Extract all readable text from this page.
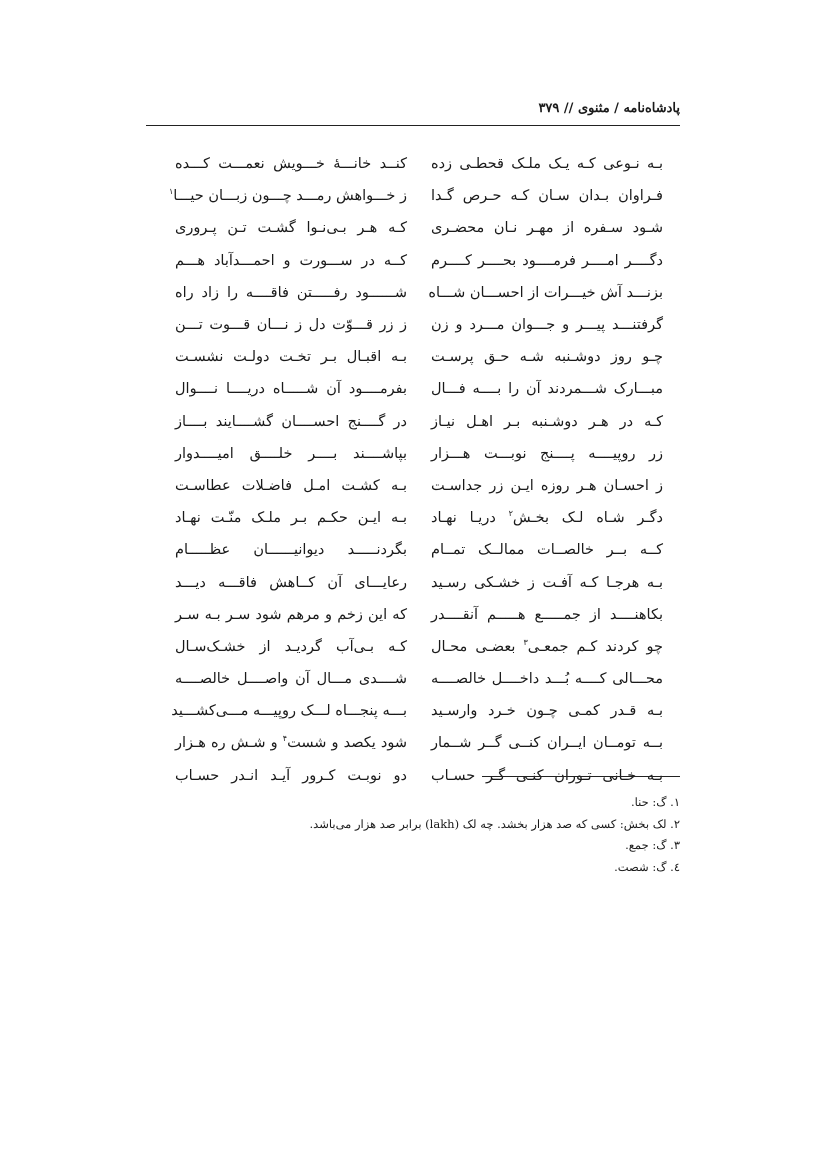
پادشاه‌نامه / مثنوی // ۳۷۹
بـه نـوعی کـه یـک ملـک قحطـی زده
کنــد خانـــهٔ خـــویش نعمـــت کـــده
فـراوان بـدان سـان کـه حـرص گـدا
ز خـــواهش رمـــد چـــون زبـــان حیـــا$^۱$
شـود سـفره از مهـر نـان محضـری
کـه هـر بـی‌نـوا گشـت تـن پـروری
دگــــر امــــر فرمــــود بحــــر کــــرم
کــه در ســـورت و احمـــدآباد هـــم
بزنـــد آش خیـــرات از احســـان شـــاه
شــــــود رفـــــتن فاقــــه را زاد راه
گرفتنـــد پیـــر و جـــوان مـــرد و زن
ز زر قـــوّت دل ز نـــان قـــوت تـــن
چـو روز دوشـنبه شـه حـق پرسـت
بـه اقبـال بـر تخـت دولـت نشسـت
مبـــارک شـــمردند آن را بــــه فـــال
بفرمــــود آن شـــــاه دریــــا نــــوال
کـه در هـر دوشـنبه بـر اهـل نیـاز
در گــــنج احســــان گشــــایند بــــاز
زر روپیــــه پــــنج نوبـــت هـــزار
بپاشــــند بــــر خلــــق امیــــدوار
ز احسـان هـر روزه ایـن زر جداسـت
بـه کشـت امـل فاضـلات عطاسـت
دگـر شـاه لـک بخـش$^۲$ دریـا نهـاد
بـه ایـن حکـم بـر ملـک منّـت نهـاد
کــه بــر خالصــات ممالــک تمــام
بگردنـــــد دیوانیــــــان عظـــــام
بـه هرجـا کـه آفـت ز خشـکی رسـید
رعایـــای آن کــاهش فاقـــه دیـــد
بکاهنــــد از جمـــــع هـــــم آنقــــدر
که این زخم و مرهم شود سـر بـه سـر
چو کردند کـم جمعـی$^۳$ بعضـی محـال
کـه بـی‌آب گردیـد از خشـک‌سـال
محـــالی کــــه بُـــد داخــــل خالصــــه
شــــدی مـــال آن واصــــل خالصــــه
بـه قـدر کمـی چـون خـرد وارسـید
بـــه پنجـــاه لـــک روپیـــه مـــی‌کشـــید
بــه تومــان ایــران کنــی گــر شــمار
شود یکصد و شست$^۴$ و شـش ره هـزار
بـه خـانی تـوران کنـی گـر حسـاب
دو نوبـت کـرور آیـد انـدر حسـاب
۱. گ: حنا.
۲. لک بخش: کسی که صد هزار بخشد. چه لک (lakh) برابر صد هزار می‌باشد.
۳. گ: جمع.
٤. گ: شصت.
